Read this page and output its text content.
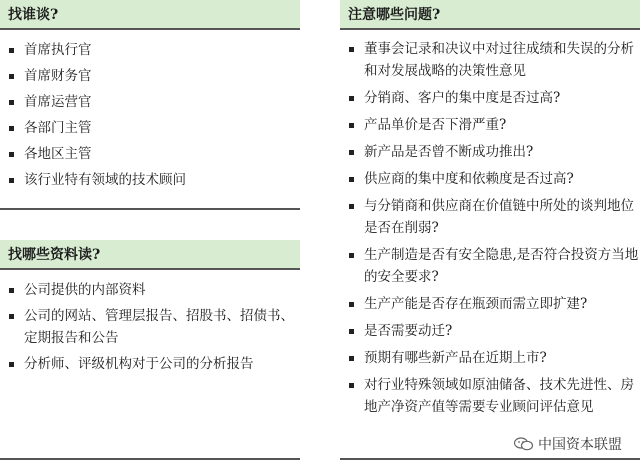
找谁谈?
首席执行官
首席财务官
首席运营官
各部门主管
各地区主管
该行业特有领域的技术顾问
找哪些资料读?
公司提供的内部资料
公司的网站、管理层报告、招股书、招债书、定期报告和公告
分析师、评级机构对于公司的分析报告
注意哪些问题?
董事会记录和决议中对过往成绩和失误的分析和对发展战略的决策性意见
分销商、客户的集中度是否过高?
产品单价是否下滑严重?
新产品是否曾不断成功推出?
供应商的集中度和依赖度是否过高?
与分销商和供应商在价值链中所处的谈判地位是否在削弱?
生产制造是否有安全隐患,是否符合投资方当地的安全要求?
生产产能是否存在瓶颈而需立即扩建?
是否需要动迁?
预期有哪些新产品在近期上市?
对行业特殊领域如原油储备、技术先进性、房地产净资产值等需要专业顾问评估意见
中国资本联盟
